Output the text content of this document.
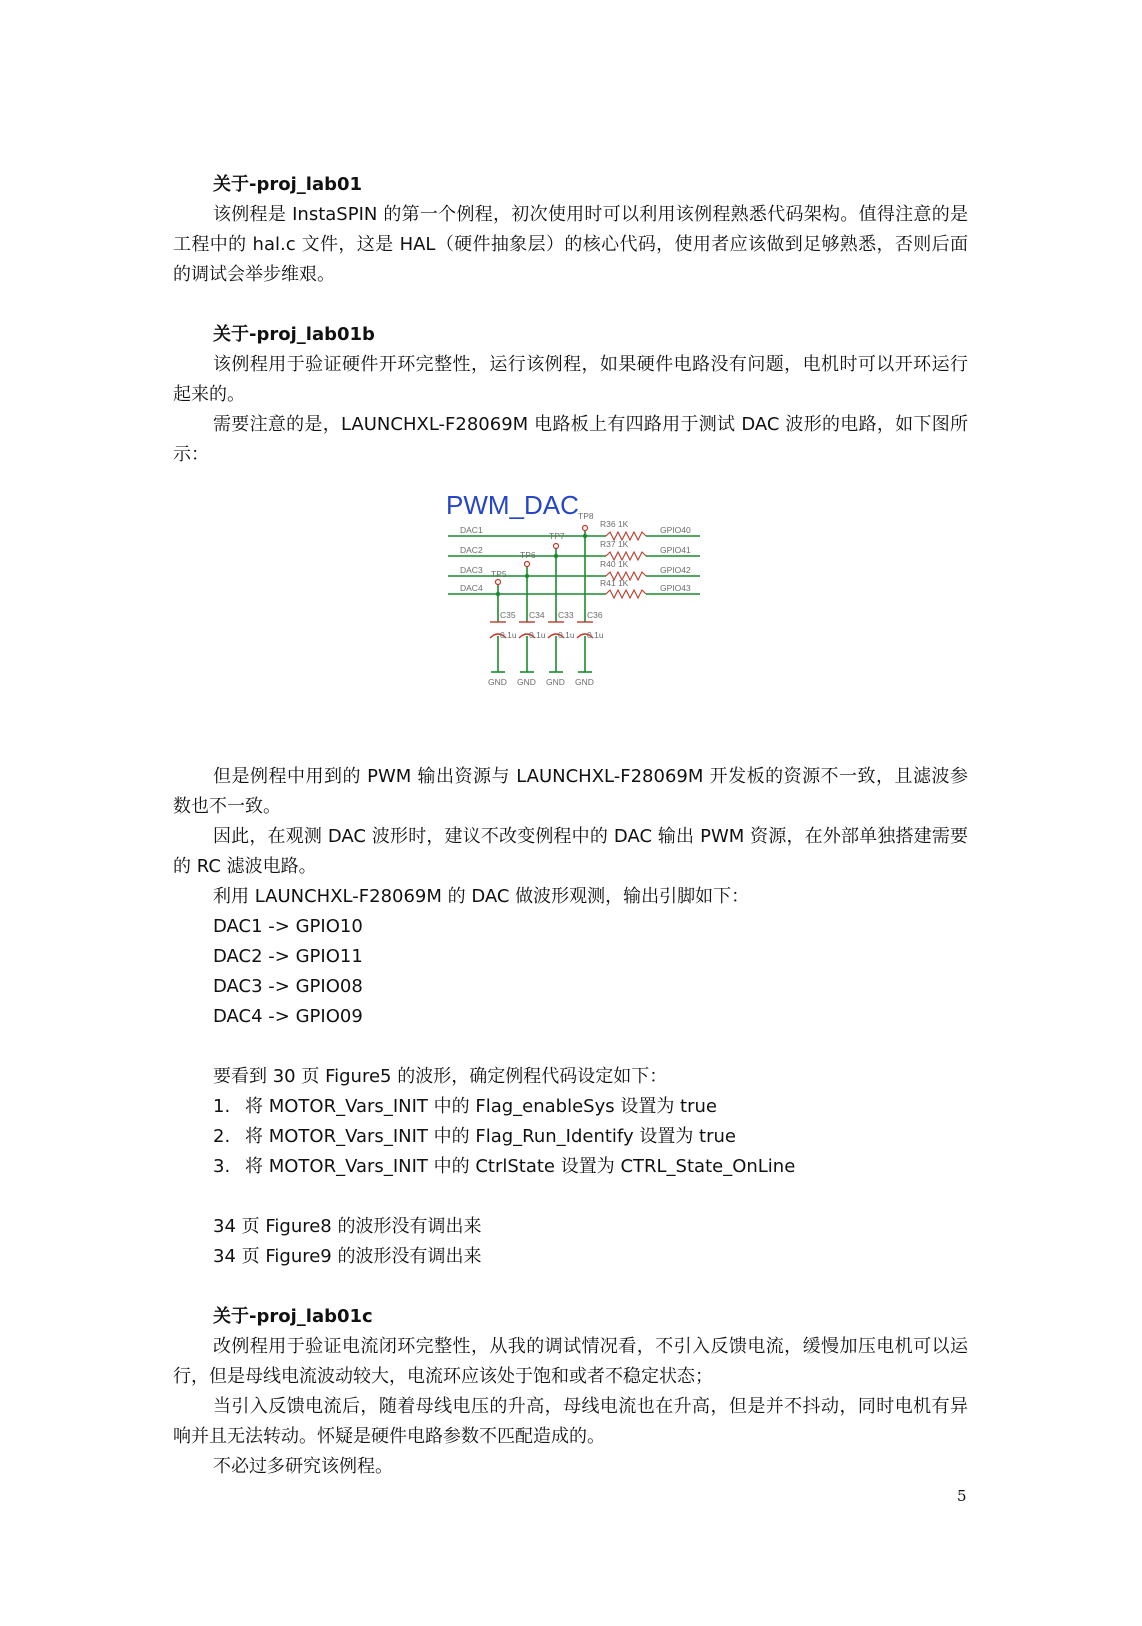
关于-proj_lab01

该例程是 InstaSPIN 的第一个例程，初次使用时可以利用该例程熟悉代码架构。值得注意的是工程中的 hal.c 文件，这是 HAL（硬件抽象层）的核心代码，使用者应该做到足够熟悉，否则后面的调试会举步维艰。

关于-proj_lab01b

该例程用于验证硬件开环完整性，运行该例程，如果硬件电路没有问题，电机时可以开环运行起来的。

需要注意的是，LAUNCHXL-F28069M 电路板上有四路用于测试 DAC 波形的电路，如下图所示：

PWM_DAC
DAC1
DAC2
DAC3
DAC4
TP8
TP7
TP6
TP5
R36 1K
R37 1K
R40 1K
R41 1K
GPIO40
GPIO41
GPIO42
GPIO43
C35 C34 C33 C36
0.1u 0.1u 0.1u 0.1u
GND GND GND GND

但是例程中用到的 PWM 输出资源与 LAUNCHXL-F28069M 开发板的资源不一致，且滤波参数也不一致。

因此，在观测 DAC 波形时，建议不改变例程中的 DAC 输出 PWM 资源，在外部单独搭建需要的 RC 滤波电路。

利用 LAUNCHXL-F28069M 的 DAC 做波形观测，输出引脚如下：

DAC1 -> GPIO10

DAC2 -> GPIO11

DAC3 -> GPIO08

DAC4 -> GPIO09

要看到 30 页 Figure5 的波形，确定例程代码设定如下：

1. 将 MOTOR_Vars_INIT 中的 Flag_enableSys 设置为 true

2. 将 MOTOR_Vars_INIT 中的 Flag_Run_Identify 设置为 true

3. 将 MOTOR_Vars_INIT 中的 CtrlState 设置为 CTRL_State_OnLine

34 页 Figure8 的波形没有调出来

34 页 Figure9 的波形没有调出来

关于-proj_lab01c

改例程用于验证电流闭环完整性，从我的调试情况看，不引入反馈电流，缓慢加压电机可以运行，但是母线电流波动较大，电流环应该处于饱和或者不稳定状态；

当引入反馈电流后，随着母线电压的升高，母线电流也在升高，但是并不抖动，同时电机有异响并且无法转动。怀疑是硬件电路参数不匹配造成的。

不必过多研究该例程。

5
